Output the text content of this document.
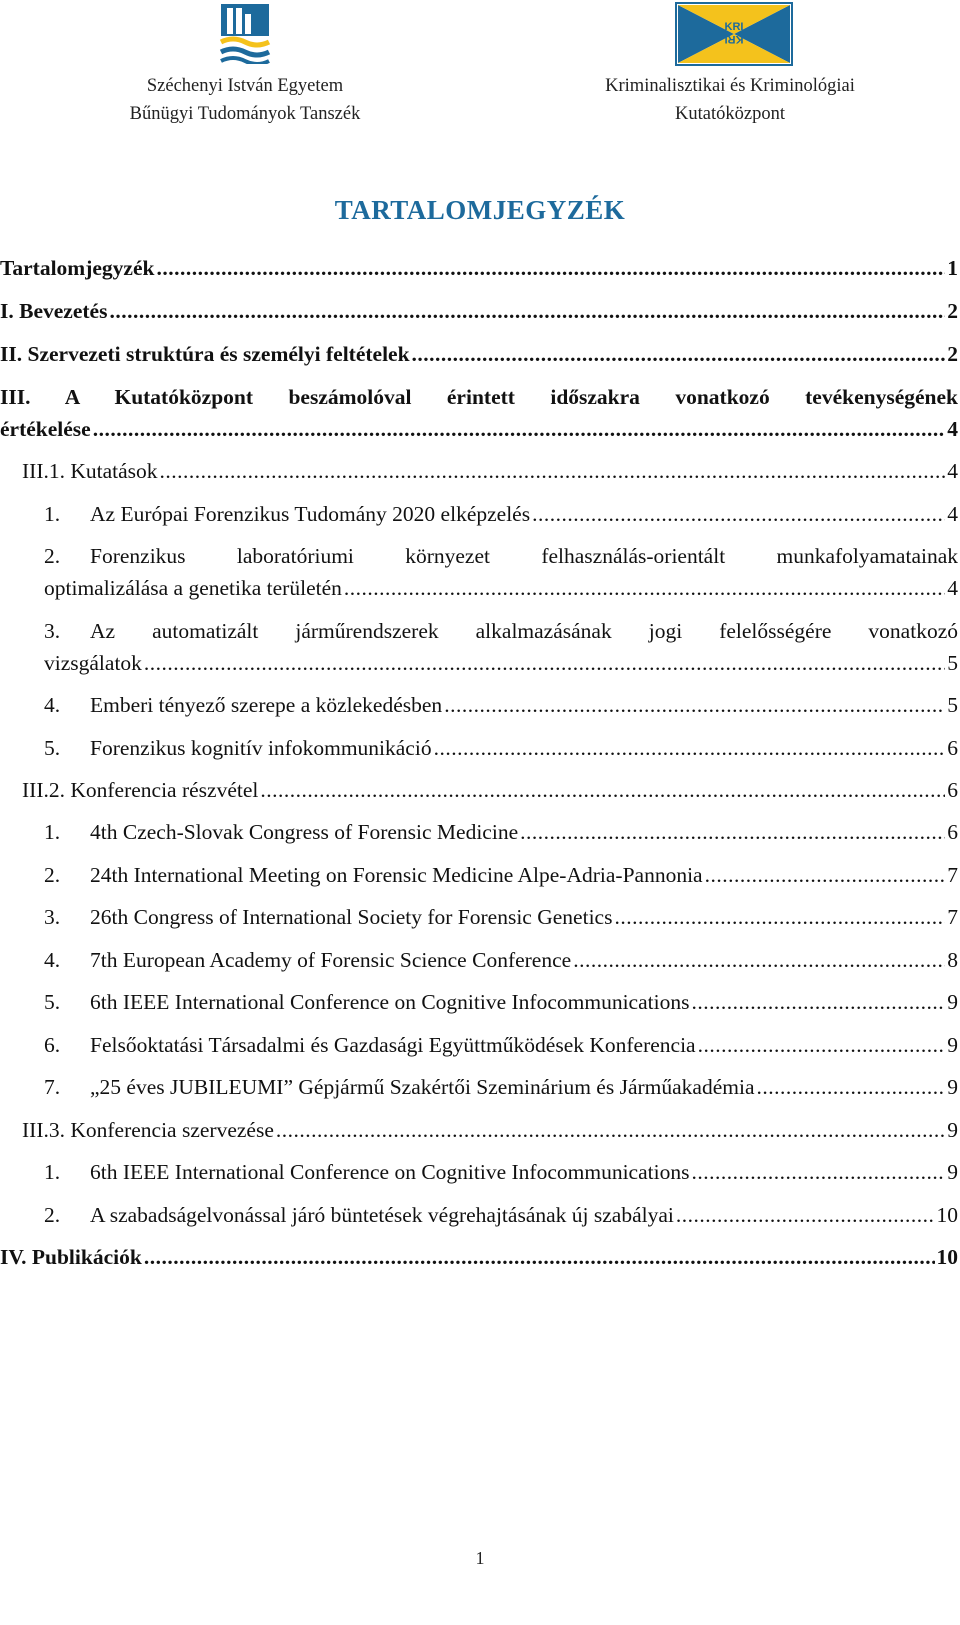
KRI
KRI
Széchenyi István Egyetem
Bűnügyi Tudományok Tanszék
Kriminalisztikai és Kriminológiai
Kutatóközpont
TARTALOMJEGYZÉK
Tartalomjegyzék .....	1
I. Bevezetés .....	2
II. Szervezeti struktúra és személyi feltételek .....	2
III. A Kutatóközpont beszámolóval érintett időszakra vonatkozó tevékenységének
értékelése .....	4
III.1. Kutatások .....	4
1.	Az Európai Forenzikus Tudomány 2020 elképzelés .....	4
2.	Forenzikus laboratóriumi környezet felhasználás-orientált munkafolyamatainak
optimalizálása a genetika területén .....	4
3.	Az automatizált járműrendszerek alkalmazásának jogi felelősségére vonatkozó
vizsgálatok .....	5
4.	Emberi tényező szerepe a közlekedésben .....	5
5.	Forenzikus kognitív infokommunikáció .....	6
III.2. Konferencia részvétel .....	6
1.	4th Czech-Slovak Congress of Forensic Medicine .....	6
2.	24th International Meeting on Forensic Medicine Alpe-Adria-Pannonia .....	7
3.	26th Congress of International Society for Forensic Genetics .....	7
4.	7th European Academy of Forensic Science Conference .....	8
5.	6th IEEE International Conference on Cognitive Infocommunications .....	9
6.	Felsőoktatási Társadalmi és Gazdasági Együttműködések Konferencia .....	9
7.	„25 éves JUBILEUMI” Gépjármű Szakértői Szeminárium és Járműakadémia .....	9
III.3. Konferencia szervezése .....	9
1.	6th IEEE International Conference on Cognitive Infocommunications .....	9
2.	A szabadságelvonással járó büntetések végrehajtásának új szabályai .....	10
IV. Publikációk .....	10
1
